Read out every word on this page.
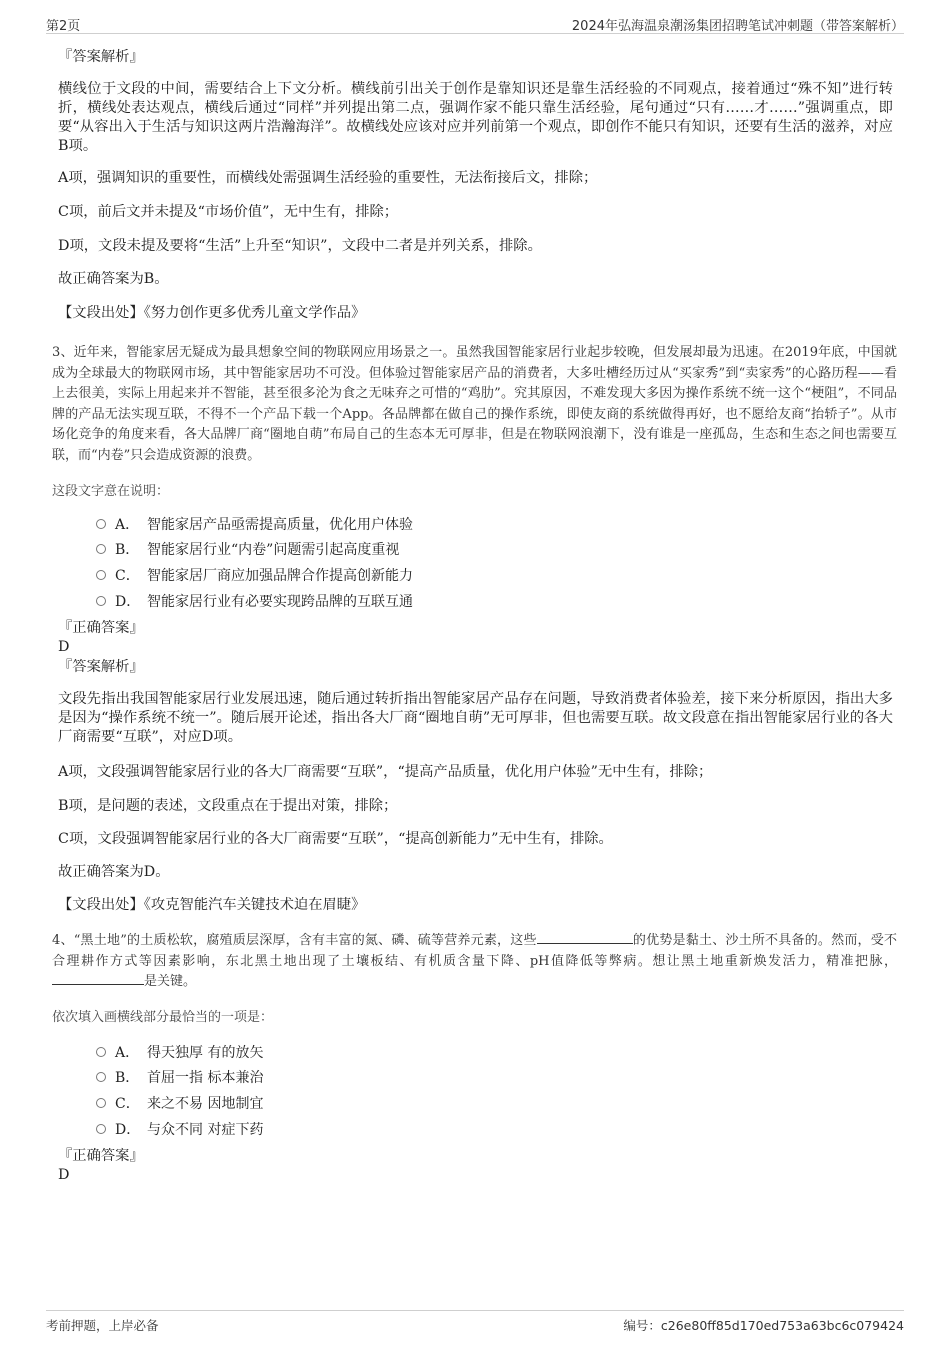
第2页	2024年弘海温泉潮汤集团招聘笔试冲刺题（带答案解析）
『答案解析』
横线位于文段的中间，需要结合上下文分析。横线前引出关于创作是靠知识还是靠生活经验的不同观点，接着通过“殊不知”进行转折，横线处表达观点，横线后通过“同样”并列提出第二点，强调作家不能只靠生活经验，尾句通过“只有……才……”强调重点，即要“从容出入于生活与知识这两片浩瀚海洋”。故横线处应该对应并列前第一个观点，即创作不能只有知识，还要有生活的滋养，对应B项。
A项，强调知识的重要性，而横线处需强调生活经验的重要性，无法衔接后文，排除；
C项，前后文并未提及“市场价值”，无中生有，排除；
D项，文段未提及要将“生活”上升至“知识”，文段中二者是并列关系，排除。
故正确答案为B。
【文段出处】《努力创作更多优秀儿童文学作品》
3、近年来，智能家居无疑成为最具想象空间的物联网应用场景之一。虽然我国智能家居行业起步较晚，但发展却最为迅速。在2019年底，中国就成为全球最大的物联网市场，其中智能家居功不可没。但体验过智能家居产品的消费者，大多吐槽经历过从“买家秀”到“卖家秀”的心路历程——看上去很美，实际上用起来并不智能，甚至很多沦为食之无味弃之可惜的“鸡肋”。究其原因，不难发现大多因为操作系统不统一这个“梗阻”，不同品牌的产品无法实现互联，不得不一个产品下载一个App。各品牌都在做自己的操作系统，即使友商的系统做得再好，也不愿给友商“抬轿子”。从市场化竞争的角度来看，各大品牌厂商“圈地自萌”布局自己的生态本无可厚非，但是在物联网浪潮下，没有谁是一座孤岛，生态和生态之间也需要互联，而“内卷”只会造成资源的浪费。
这段文字意在说明：
A． 智能家居产品亟需提高质量，优化用户体验
B． 智能家居行业“内卷”问题需引起高度重视
C． 智能家居厂商应加强品牌合作提高创新能力
D． 智能家居行业有必要实现跨品牌的互联互通
『正确答案』
D
『答案解析』
文段先指出我国智能家居行业发展迅速，随后通过转折指出智能家居产品存在问题，导致消费者体验差，接下来分析原因，指出大多是因为“操作系统不统一”。随后展开论述，指出各大厂商“圈地自萌”无可厚非，但也需要互联。故文段意在指出智能家居行业的各大厂商需要“互联”，对应D项。
A项，文段强调智能家居行业的各大厂商需要“互联”，“提高产品质量，优化用户体验”无中生有，排除；
B项，是问题的表述，文段重点在于提出对策，排除；
C项，文段强调智能家居行业的各大厂商需要“互联”，“提高创新能力”无中生有，排除。
故正确答案为D。
【文段出处】《攻克智能汽车关键技术迫在眉睫》
4、“黑土地”的土质松软，腐殖质层深厚，含有丰富的氮、磷、硫等营养元素，这些	的优势是黏土、沙土所不具备的。然而，受不合理耕作方式等因素影响，东北黑土地出现了土壤板结、有机质含量下降、pH值降低等弊病。想让黑土地重新焕发活力，精准把脉，是关键。
依次填入画横线部分最恰当的一项是：
A． 得天独厚 有的放矢
B． 首屈一指 标本兼治
C． 来之不易 因地制宜
D． 与众不同 对症下药
『正确答案』
D
考前押题，上岸必备	编号：c26e80ff85d170ed753a63bc6c079424
